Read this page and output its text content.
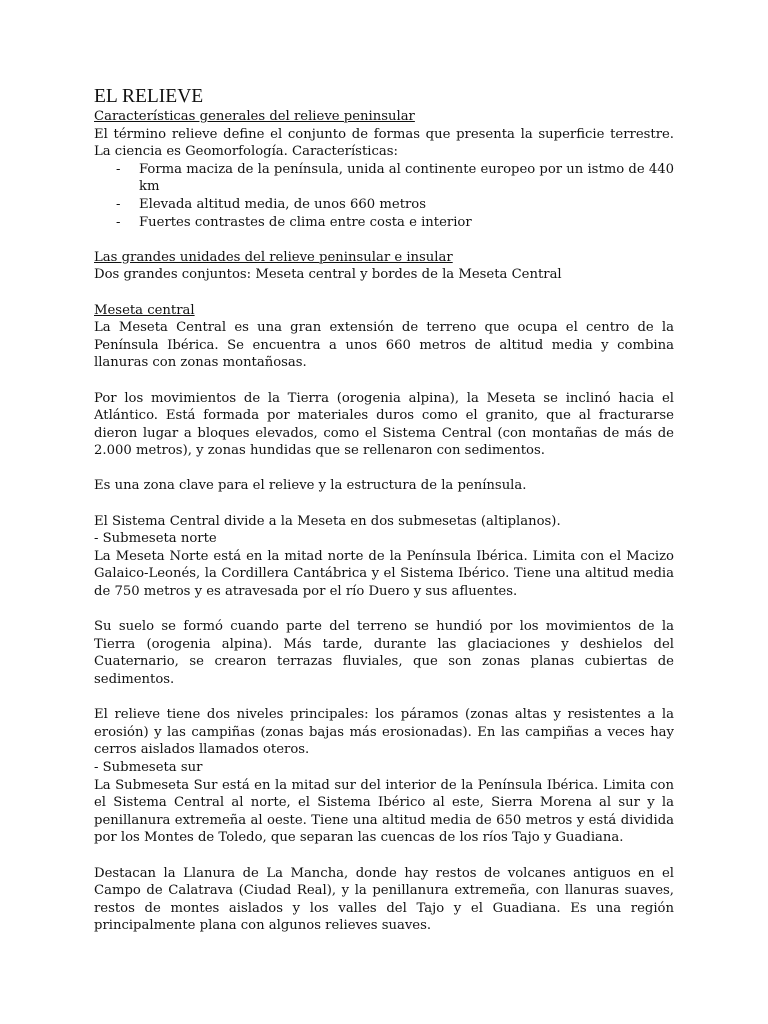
EL RELIEVE
Características generales del relieve peninsular

El término relieve define el conjunto de formas que presenta la superficie terrestre. La ciencia es Geomorfología. Características:

- Forma maciza de la península, unida al continente europeo por un istmo de 440 km
- Elevada altitud media, de unos 660 metros
- Fuertes contrastes de clima entre costa e interior
Las grandes unidades del relieve peninsular e insular

Dos grandes conjuntos: Meseta central y bordes de la Meseta Central

Meseta central

La Meseta Central es una gran extensión de terreno que ocupa el centro de la Península Ibérica. Se encuentra a unos 660 metros de altitud media y combina llanuras con zonas montañosas.

Por los movimientos de la Tierra (orogenia alpina), la Meseta se inclinó hacia el Atlántico. Está formada por materiales duros como el granito, que al fracturarse dieron lugar a bloques elevados, como el Sistema Central (con montañas de más de 2.000 metros), y zonas hundidas que se rellenaron con sedimentos.

Es una zona clave para el relieve y la estructura de la península.

El Sistema Central divide a la Meseta en dos submesetas (altiplanos).

- Submeseta norte

La Meseta Norte está en la mitad norte de la Península Ibérica. Limita con el Macizo Galaico-Leonés, la Cordillera Cantábrica y el Sistema Ibérico. Tiene una altitud media de 750 metros y es atravesada por el río Duero y sus afluentes.

Su suelo se formó cuando parte del terreno se hundió por los movimientos de la Tierra (orogenia alpina). Más tarde, durante las glaciaciones y deshielos del Cuaternario, se crearon terrazas fluviales, que son zonas planas cubiertas de sedimentos.

El relieve tiene dos niveles principales: los páramos (zonas altas y resistentes a la erosión) y las campiñas (zonas bajas más erosionadas). En las campiñas a veces hay cerros aislados llamados oteros.

- Submeseta sur

La Submeseta Sur está en la mitad sur del interior de la Península Ibérica. Limita con el Sistema Central al norte, el Sistema Ibérico al este, Sierra Morena al sur y la penillanura extremeña al oeste. Tiene una altitud media de 650 metros y está dividida por los Montes de Toledo, que separan las cuencas de los ríos Tajo y Guadiana.

Destacan la Llanura de La Mancha, donde hay restos de volcanes antiguos en el Campo de Calatrava (Ciudad Real), y la penillanura extremeña, con llanuras suaves, restos de montes aislados y los valles del Tajo y el Guadiana. Es una región principalmente plana con algunos relieves suaves.
